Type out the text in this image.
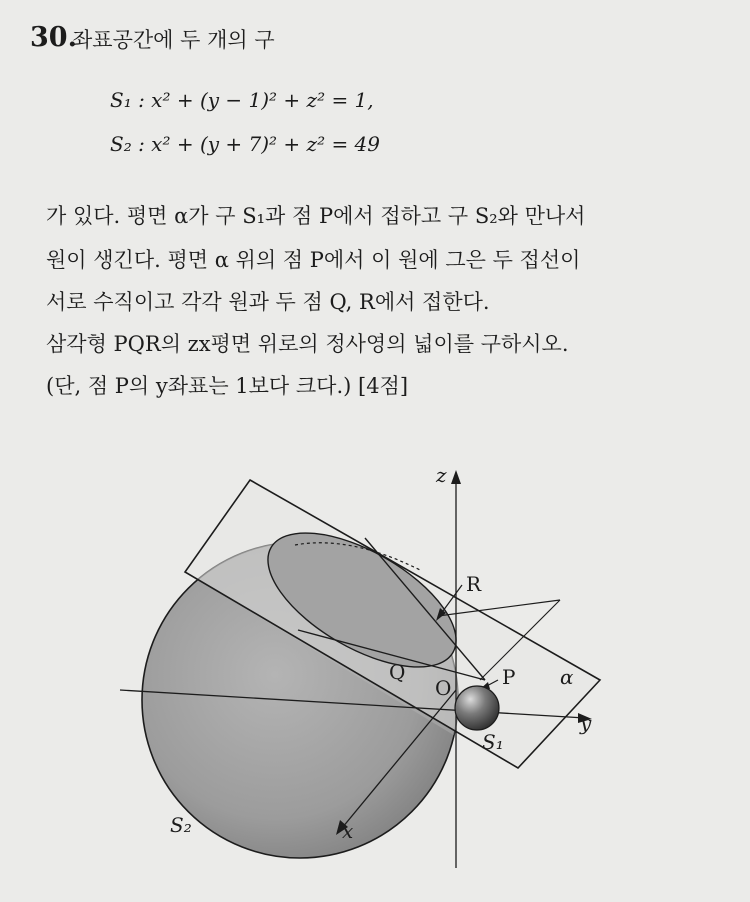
30.
좌표공간에 두 개의 구
S₁ : x² + (y − 1)² + z² = 1,
S₂ : x² + (y + 7)² + z² = 49
가 있다. 평면 α가 구 S₁과 점 P에서 접하고 구 S₂와 만나서
원이 생긴다. 평면 α 위의 점 P에서 이 원에 그은 두 접선이
서로 수직이고 각각 원과 두 점 Q, R에서 접한다.
삼각형 PQR의 zx평면 위로의 정사영의 넓이를 구하시오.
(단, 점 P의 y좌표는 1보다 크다.) [4점]
z
y
x
O	P
Q
R
α
S₁
S₂
